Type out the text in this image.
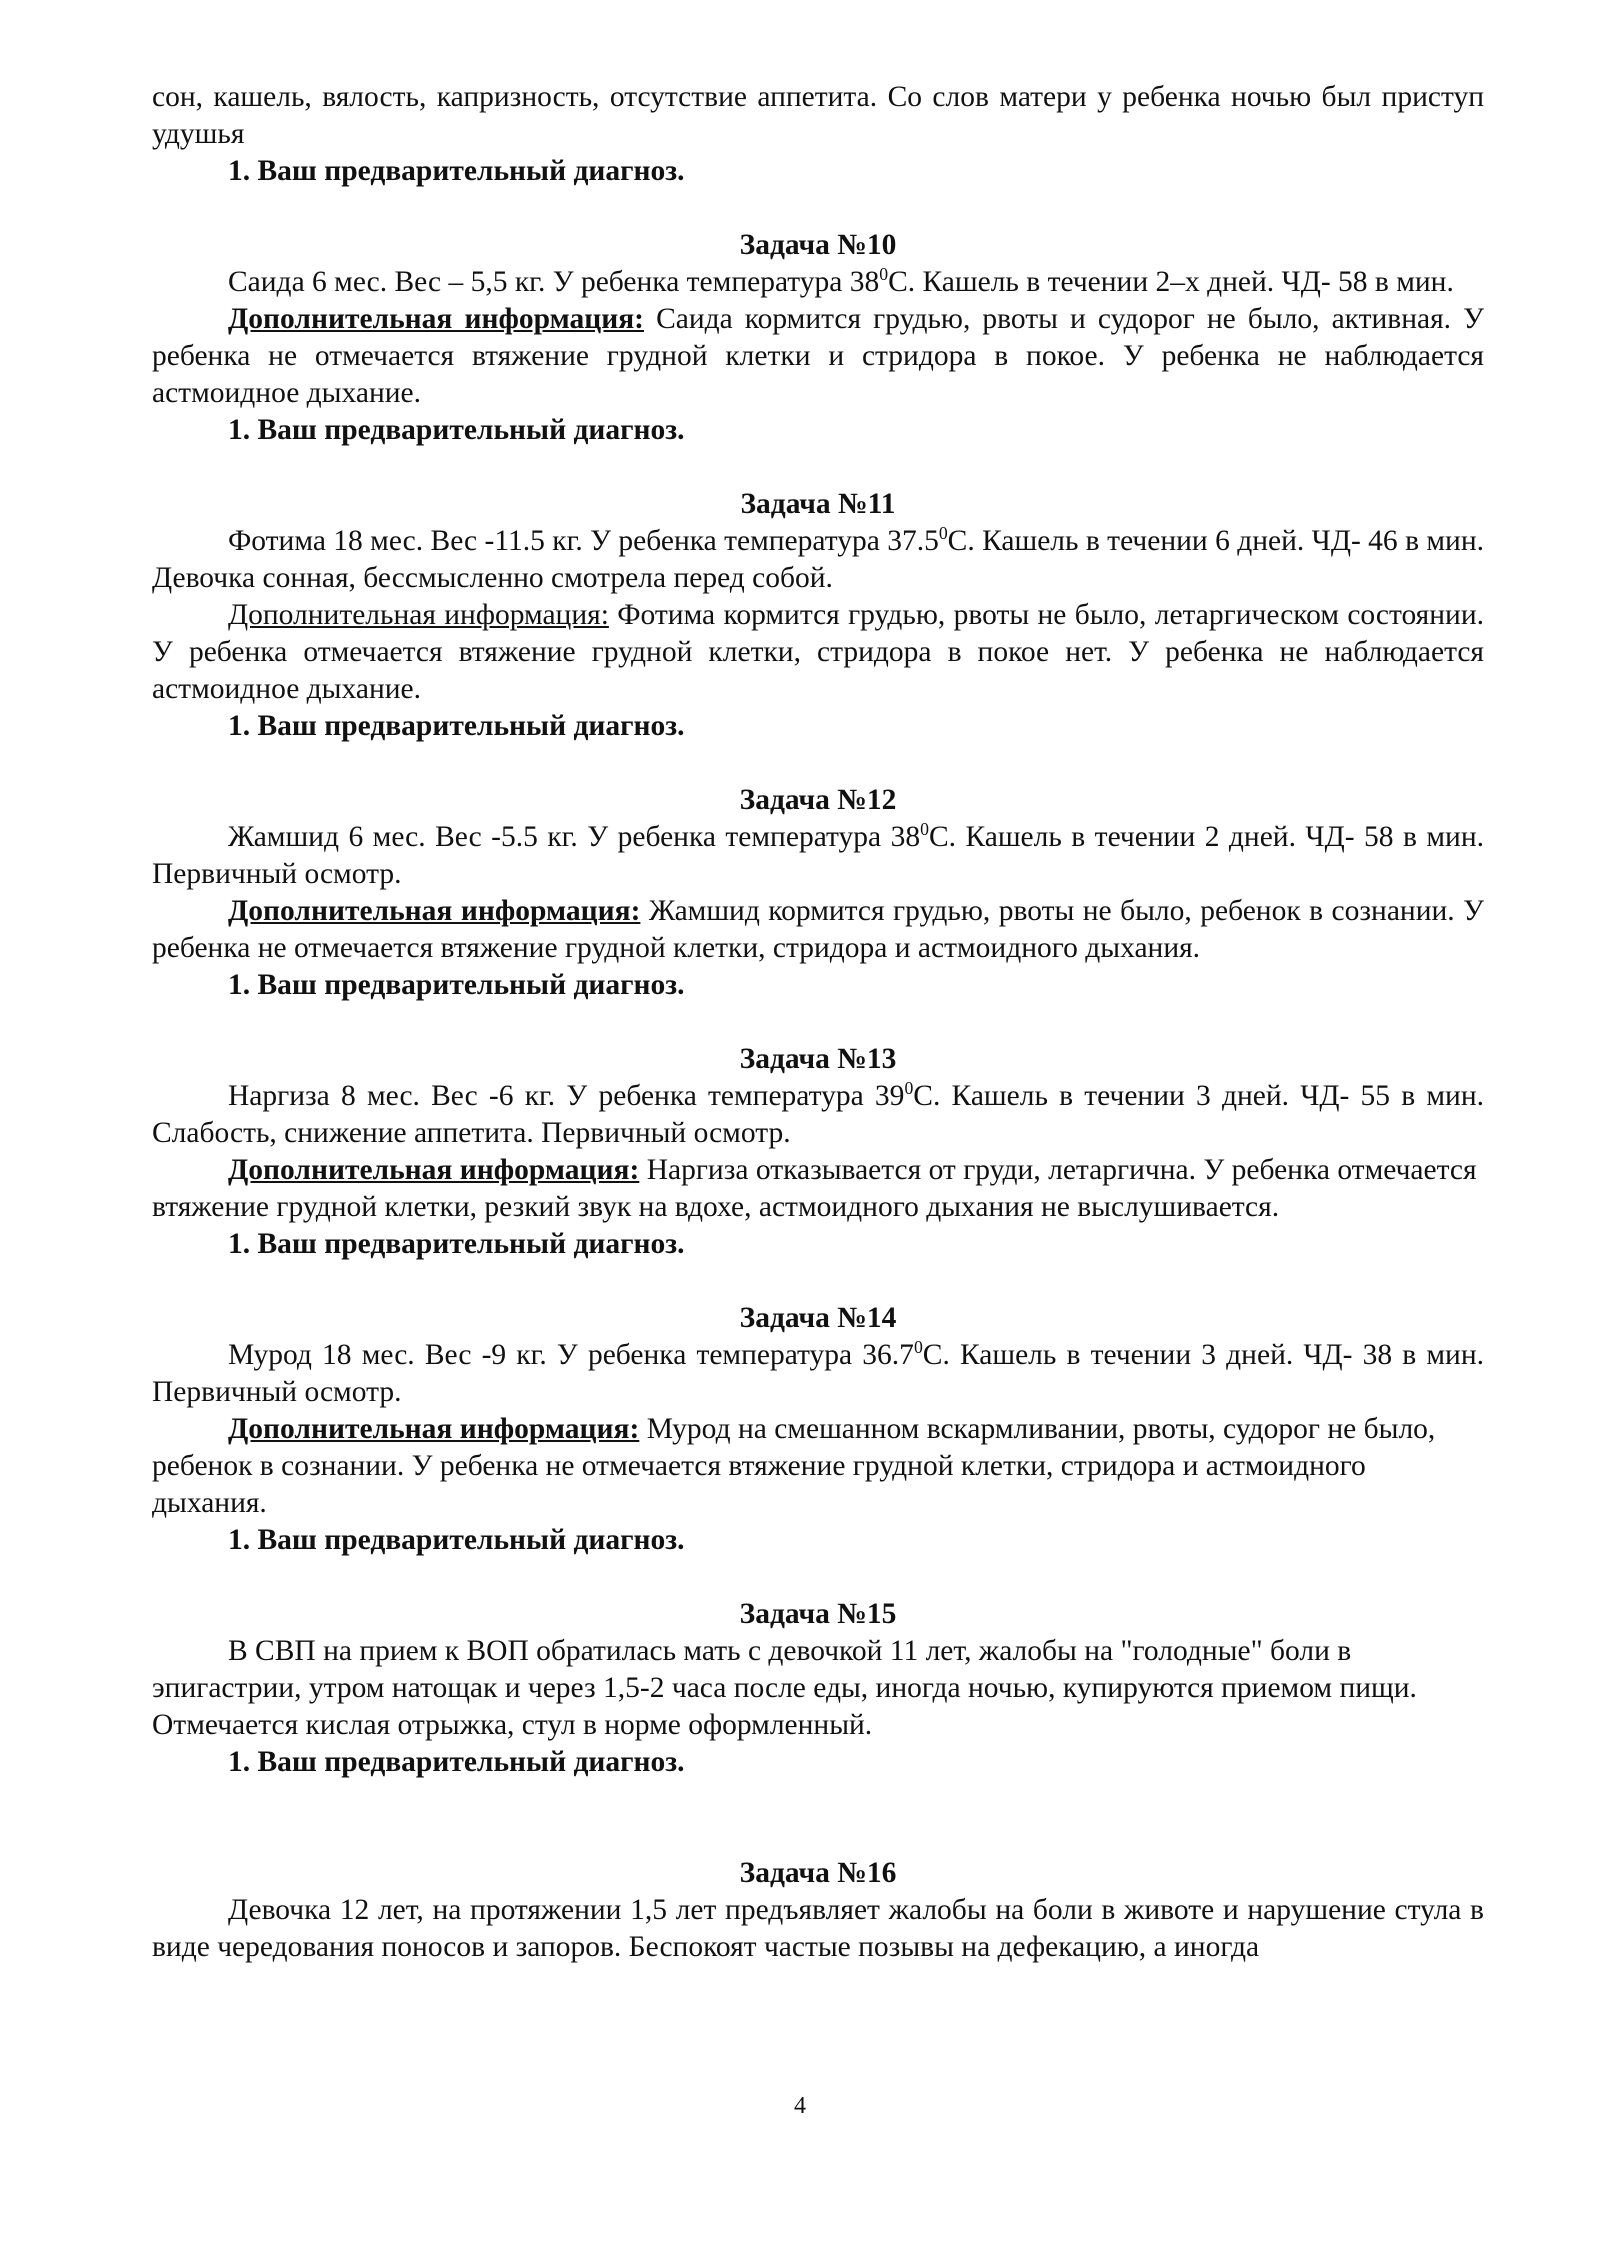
сон, кашель, вялость, капризность, отсутствие аппетита. Со слов матери у ребенка ночью был приступ удушья

1. Ваш предварительный диагноз.

Задача №10

Саида 6 мес. Вес – 5,5 кг. У ребенка температура $38^0С$. Кашель в течении 2–х дней. ЧД- 58 в мин.

Дополнительная информация: Саида кормится грудью, рвоты и судорог не было, активная. У ребенка не отмечается втяжение грудной клетки и стридора в покое. У ребенка не наблюдается астмоидное дыхание.

1. Ваш предварительный диагноз.

Задача №11

Фотима 18 мес. Вес -11.5 кг. У ребенка температура 37.5$^0$С. Кашель в течении 6 дней. ЧД- 46 в мин. Девочка сонная, бессмысленно смотрела перед собой.

Дополнительная информация: Фотима кормится грудью, рвоты не было, летаргическом состоянии. У ребенка отмечается втяжение грудной клетки, стридора в покое нет. У ребенка не наблюдается астмоидное дыхание.

1. Ваш предварительный диагноз.

Задача №12

Жамшид 6 мес. Вес -5.5 кг. У ребенка температура $38^0С$. Кашель в течении 2 дней. ЧД- 58 в мин. Первичный осмотр.

Дополнительная информация: Жамшид кормится грудью, рвоты не было, ребенок в сознании. У ребенка не отмечается втяжение грудной клетки, стридора и астмоидного дыхания.

1. Ваш предварительный диагноз.

Задача №13

Наргиза 8 мес. Вес -6 кг. У ребенка температура $39^0С$. Кашель в течении 3 дней. ЧД- 55 в мин. Слабость, снижение аппетита. Первичный осмотр.

Дополнительная информация: Наргиза отказывается от груди, летаргична. У ребенка отмечается втяжение грудной клетки, резкий звук на вдохе, астмоидного дыхания не выслушивается.

1. Ваш предварительный диагноз.

Задача №14

Мурод 18 мес. Вес -9 кг. У ребенка температура 36.7$^0$С. Кашель в течении 3 дней. ЧД- 38 в мин. Первичный осмотр.

Дополнительная информация: Мурод на смешанном вскармливании, рвоты, судорог не было, ребенок в сознании. У ребенка не отмечается втяжение грудной клетки, стридора и астмоидного дыхания.

1. Ваш предварительный диагноз.

Задача №15

В СВП на прием к ВОП обратилась мать с девочкой 11 лет, жалобы на "голодные" боли в эпигастрии, утром натощак и через 1,5-2 часа после еды, иногда ночью, купируются приемом пищи. Отмечается кислая отрыжка, стул в норме оформленный.

1. Ваш предварительный диагноз.

Задача №16

Девочка 12 лет, на протяжении 1,5 лет предъявляет жалобы на боли в животе и нарушение стула в виде чередования поносов и запоров. Беспокоят частые позывы на дефекацию, а иногда

4
